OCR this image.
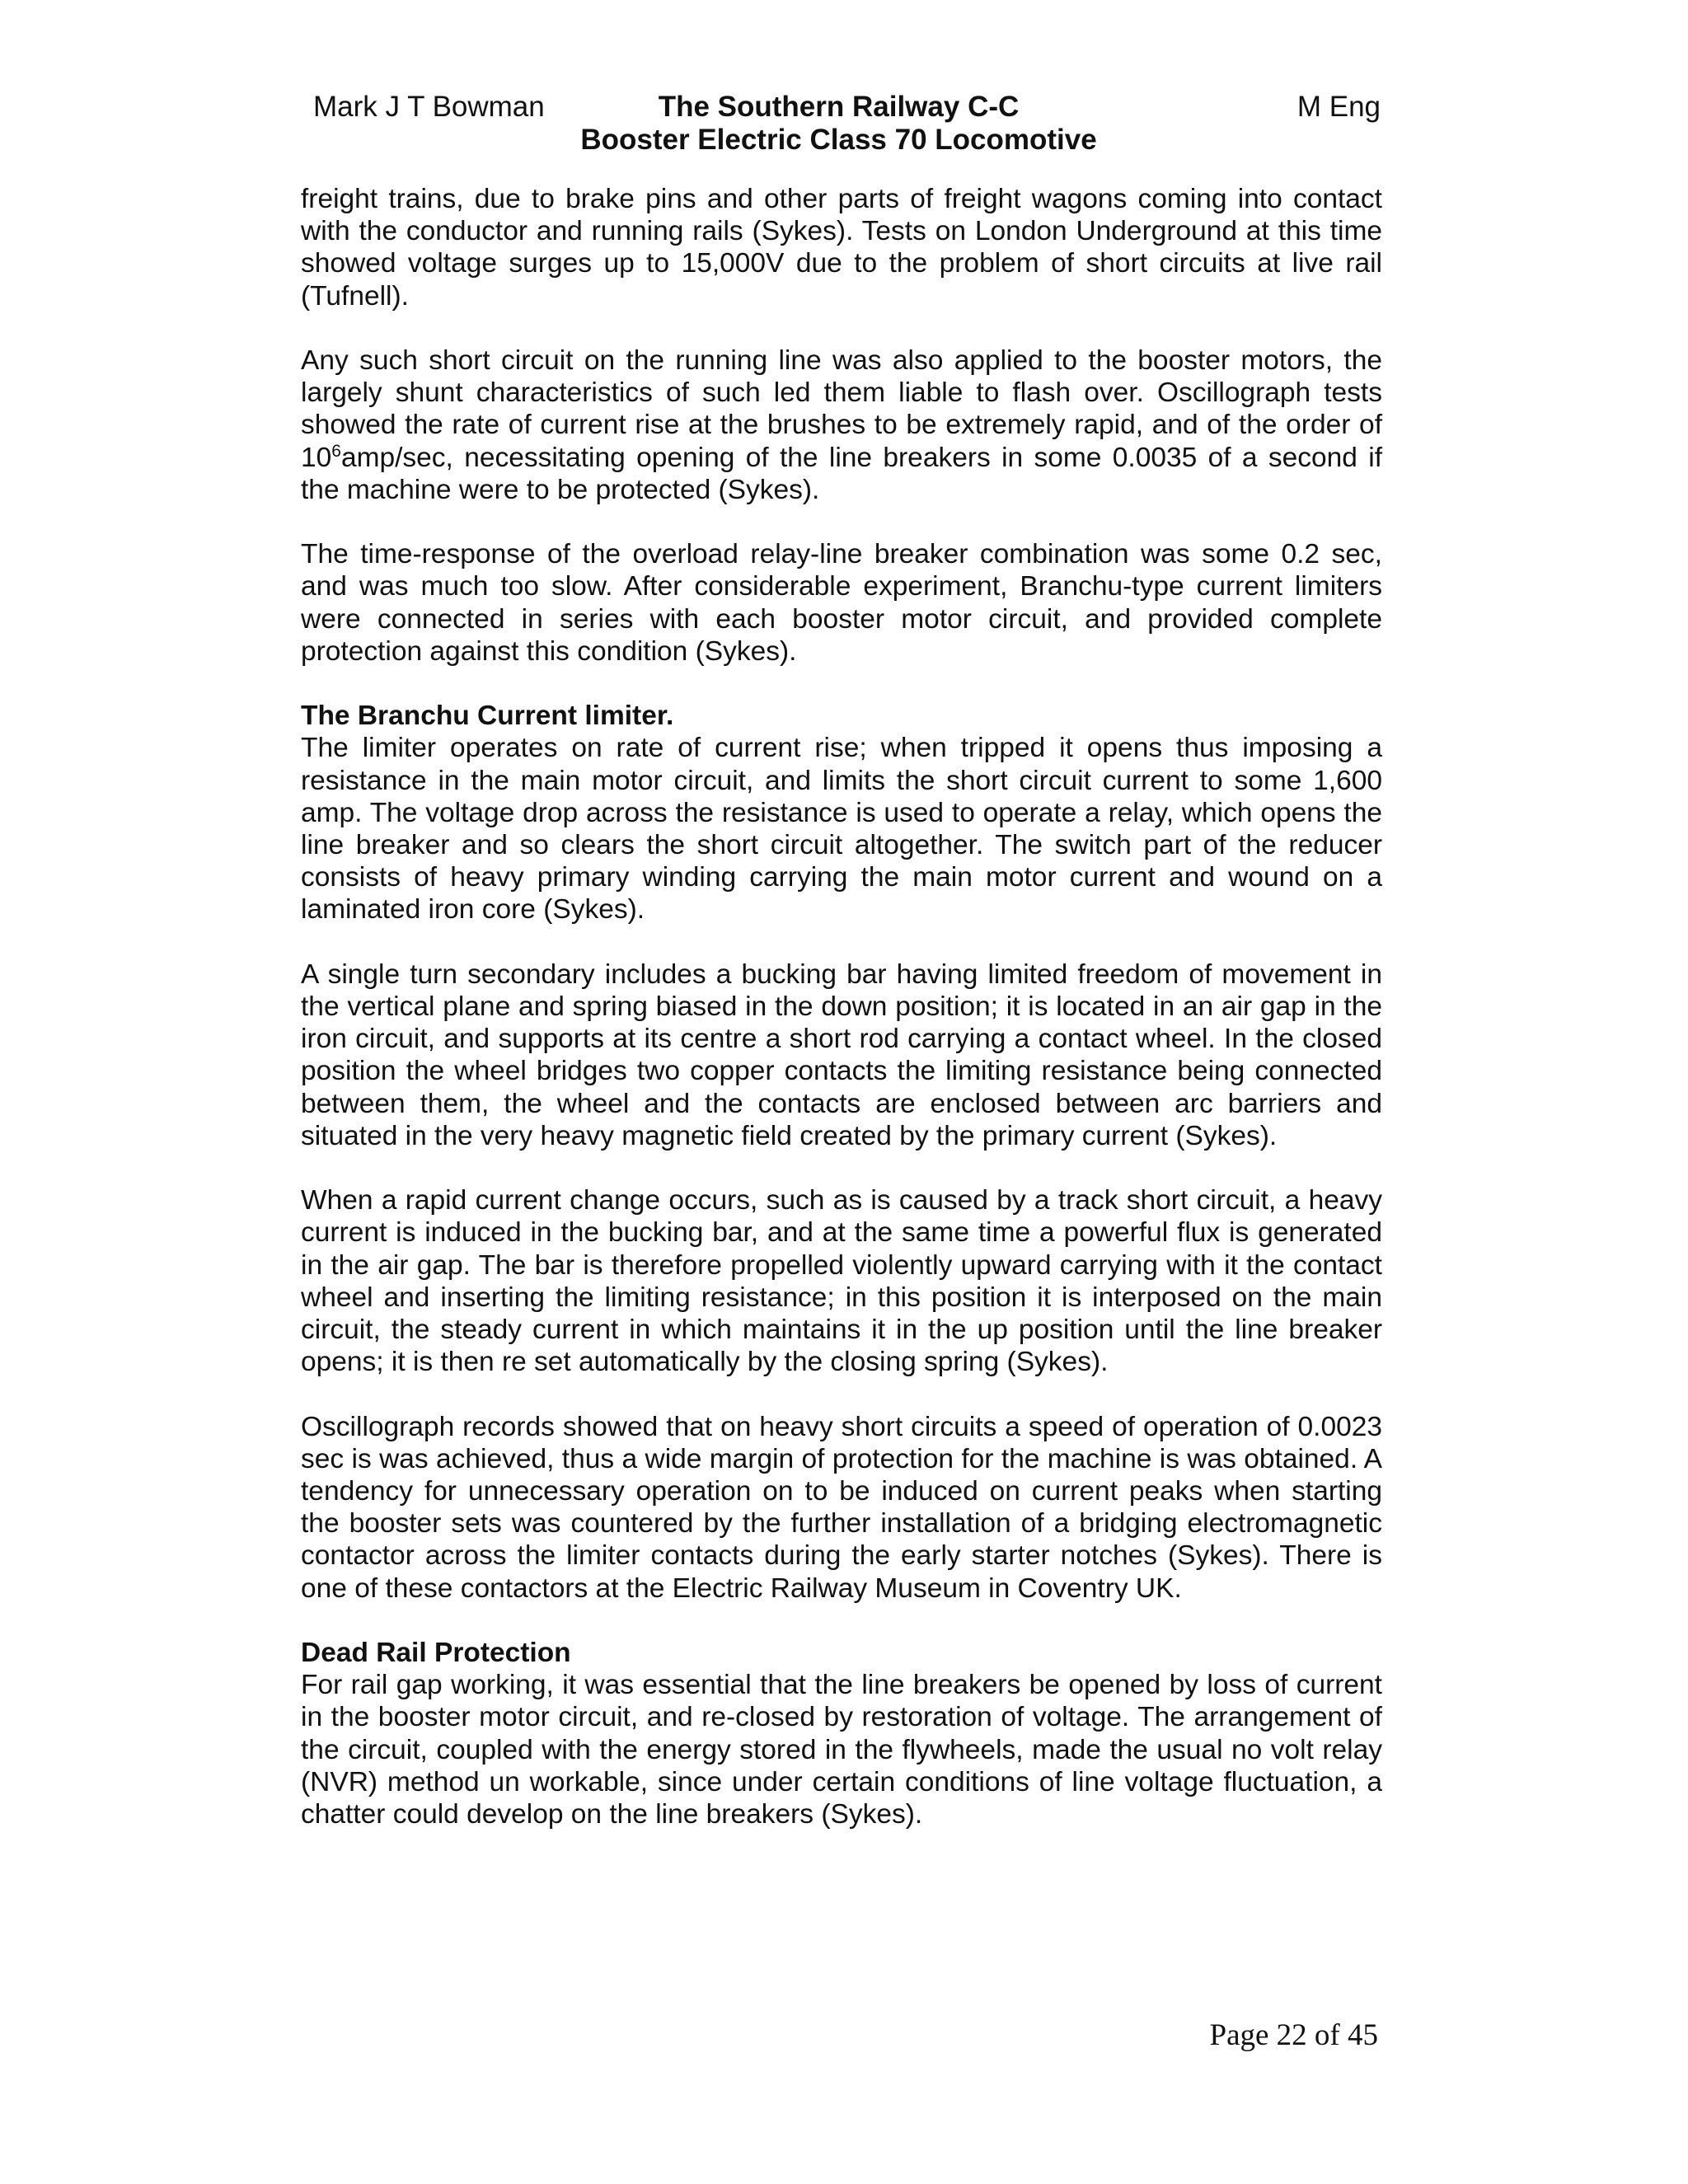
Mark J T Bowman	The Southern Railway C-C
Booster Electric Class 70 Locomotive
M Eng

freight trains, due to brake pins and other parts of freight wagons coming into contact with the conductor and running rails (Sykes). Tests on London Underground at this time showed voltage surges up to 15,000V due to the problem of short circuits at live rail (Tufnell).

Any such short circuit on the running line was also applied to the booster motors, the largely shunt characteristics of such led them liable to flash over. Oscillograph tests showed the rate of current rise at the brushes to be extremely rapid, and of the order of $10^6amp/\sec$, necessitating opening of the line breakers in some 0.0035 of a second if the machine were to be protected (Sykes).

The time-response of the overload relay-line breaker combination was some 0.2 sec, and was much too slow. After considerable experiment, Branchu-type current limiters were connected in series with each booster motor circuit, and provided complete protection against this condition (Sykes).

The Branchu Current limiter.

The limiter operates on rate of current rise; when tripped it opens thus imposing a resistance in the main motor circuit, and limits the short circuit current to some 1,600 amp. The voltage drop across the resistance is used to operate a relay, which opens the line breaker and so clears the short circuit altogether. The switch part of the reducer consists of heavy primary winding carrying the main motor current and wound on a laminated iron core (Sykes).

A single turn secondary includes a bucking bar having limited freedom of movement in the vertical plane and spring biased in the down position; it is located in an air gap in the iron circuit, and supports at its centre a short rod carrying a contact wheel. In the closed position the wheel bridges two copper contacts the limiting resistance being connected between them, the wheel and the contacts are enclosed between arc barriers and situated in the very heavy magnetic field created by the primary current (Sykes).

When a rapid current change occurs, such as is caused by a track short circuit, a heavy current is induced in the bucking bar, and at the same time a powerful flux is generated in the air gap. The bar is therefore propelled violently upward carrying with it the contact wheel and inserting the limiting resistance; in this position it is interposed on the main circuit, the steady current in which maintains it in the up position until the line breaker opens; it is then re set automatically by the closing spring (Sykes).

Oscillograph records showed that on heavy short circuits a speed of operation of 0.0023 sec is was achieved, thus a wide margin of protection for the machine is was obtained. A tendency for unnecessary operation on to be induced on current peaks when starting the booster sets was countered by the further installation of a bridging electromagnetic contactor across the limiter contacts during the early starter notches (Sykes). There is one of these contactors at the Electric Railway Museum in Coventry UK.

Dead Rail Protection

For rail gap working, it was essential that the line breakers be opened by loss of current in the booster motor circuit, and re-closed by restoration of voltage. The arrangement of the circuit, coupled with the energy stored in the flywheels, made the usual no volt relay (NVR) method un workable, since under certain conditions of line voltage fluctuation, a chatter could develop on the line breakers (Sykes).

Page 22 of 45
